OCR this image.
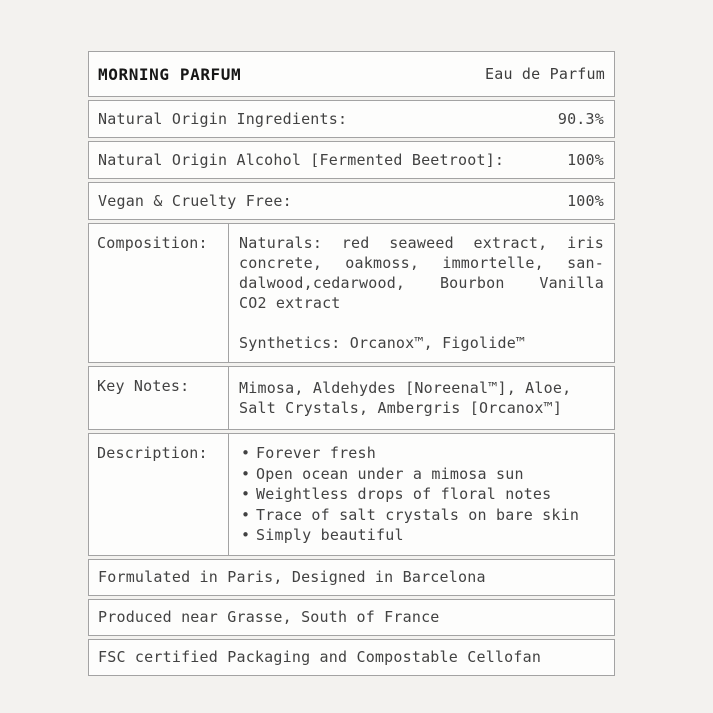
MORNING PARFUM	Eau de Parfum
Natural Origin Ingredients:	90.3%
Natural Origin Alcohol [Fermented Beetroot]:	100%
Vegan & Cruelty Free:	100%
Composition:	Naturals: red seaweed extract, iris
concrete, oakmoss, immortelle, san-
dalwood,cedarwood, Bourbon Vanilla
CO2 extract
Synthetics: Orcanox™, Figolide™
Key Notes:	Mimosa, Aldehydes [Noreenal™], Aloe,
Salt Crystals, Ambergris [Orcanox™]
Description:	• Forever fresh
• Open ocean under a mimosa sun
• Weightless drops of floral notes
• Trace of salt crystals on bare skin
• Simply beautiful
Formulated in Paris, Designed in Barcelona
Produced near Grasse, South of France
FSC certified Packaging and Compostable Cellofan
